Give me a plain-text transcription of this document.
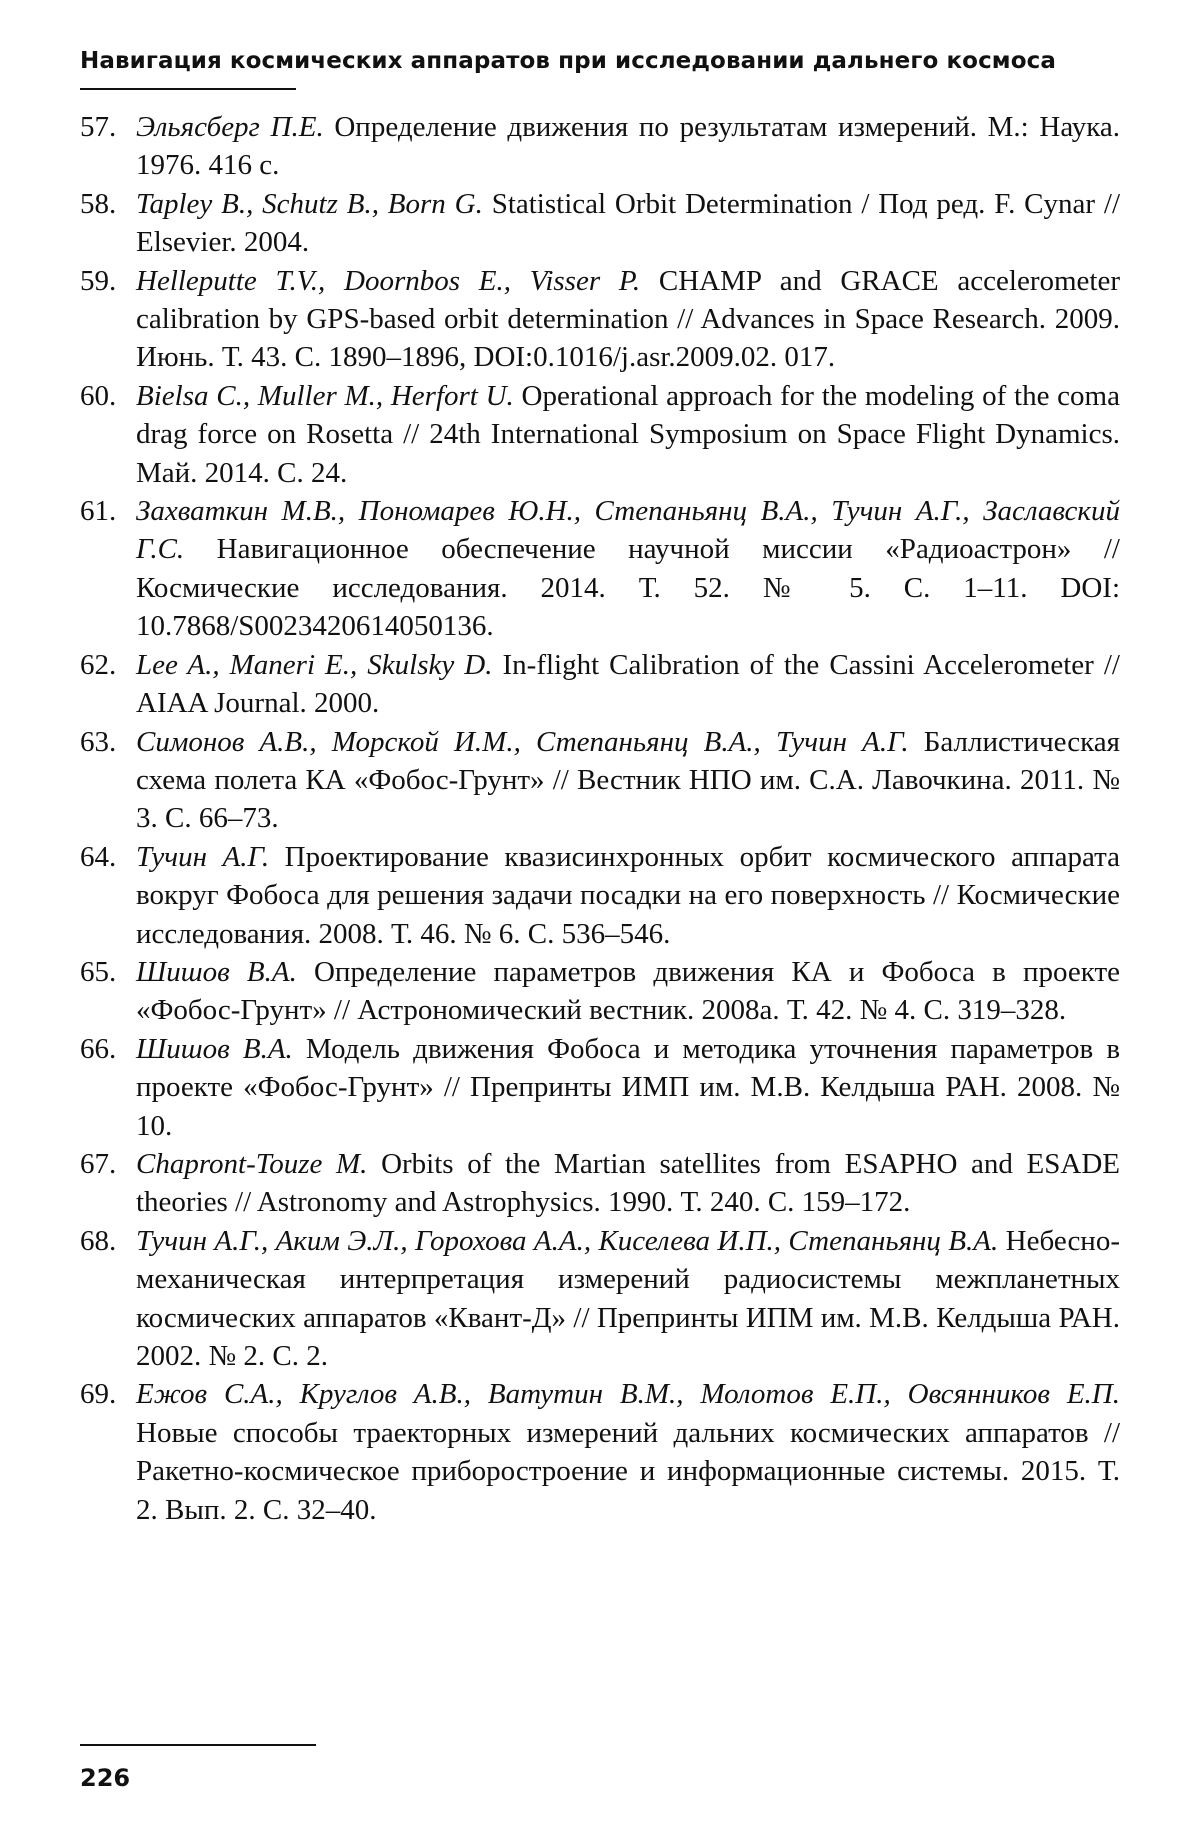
Навигация космических аппаратов при исследовании дальнего космоса
57. Эльясберг П.Е. Определение движения по результатам измерений. М.: Наука. 1976. 416 с.
58. Tapley B., Schutz B., Born G. Statistical Orbit Determination / Под ред. F. Cynar // Elsevier. 2004.
59. Helleputte T.V., Doornbos E., Visser P. CHAMP and GRACE accelerometer calibration by GPS-based orbit determination // Advances in Space Research. 2009. Июнь. Т. 43. С. 1890–1896, DOI:0.1016/j.asr.2009.02. 017.
60. Bielsa C., Muller M., Herfort U. Operational approach for the modeling of the coma drag force on Rosetta // 24th International Symposium on Space Flight Dynamics. Май. 2014. С. 24.
61. Захваткин М.В., Пономарев Ю.Н., Степаньянц В.А., Тучин А.Г., Заславский Г.С. Навигационное обеспечение научной миссии «Радиоастрон» // Космические исследования. 2014. Т. 52. № 5. С. 1–11. DOI: 10.7868/S0023420614050136.
62. Lee A., Maneri E., Skulsky D. In-flight Calibration of the Cassini Accelerometer // AIAA Journal. 2000.
63. Симонов А.В., Морской И.М., Степаньянц В.А., Тучин А.Г. Баллистическая схема полета КА «Фобос-Грунт» // Вестник НПО им. С.А. Лавочкина. 2011. № 3. С. 66–73.
64. Тучин А.Г. Проектирование квазисинхронных орбит космического аппарата вокруг Фобоса для решения задачи посадки на его поверхность // Космические исследования. 2008. Т. 46. № 6. С. 536–546.
65. Шишов В.А. Определение параметров движения КА и Фобоса в проекте «Фобос-Грунт» // Астрономический вестник. 2008а. Т. 42. № 4. С. 319–328.
66. Шишов В.А. Модель движения Фобоса и методика уточнения параметров в проекте «Фобос-Грунт» // Препринты ИМП им. М.В. Келдыша РАН. 2008. № 10.
67. Chapront-Touze M. Orbits of the Martian satellites from ESAPHO and ESADE theories // Astronomy and Astrophysics. 1990. Т. 240. С. 159–172.
68. Тучин А.Г., Аким Э.Л., Горохова А.А., Киселева И.П., Степаньянц В.А. Небесно-механическая интерпретация измерений радиосистемы межпланетных космических аппаратов «Квант-Д» // Препринты ИПМ им. М.В. Келдыша РАН. 2002. № 2. С. 2.
69. Ежов С.А., Круглов А.В., Ватутин В.М., Молотов Е.П., Овсянников Е.П. Новые способы траекторных измерений дальних космических аппаратов // Ракетно-космическое приборостроение и информационные системы. 2015. Т. 2. Вып. 2. С. 32–40.
226
